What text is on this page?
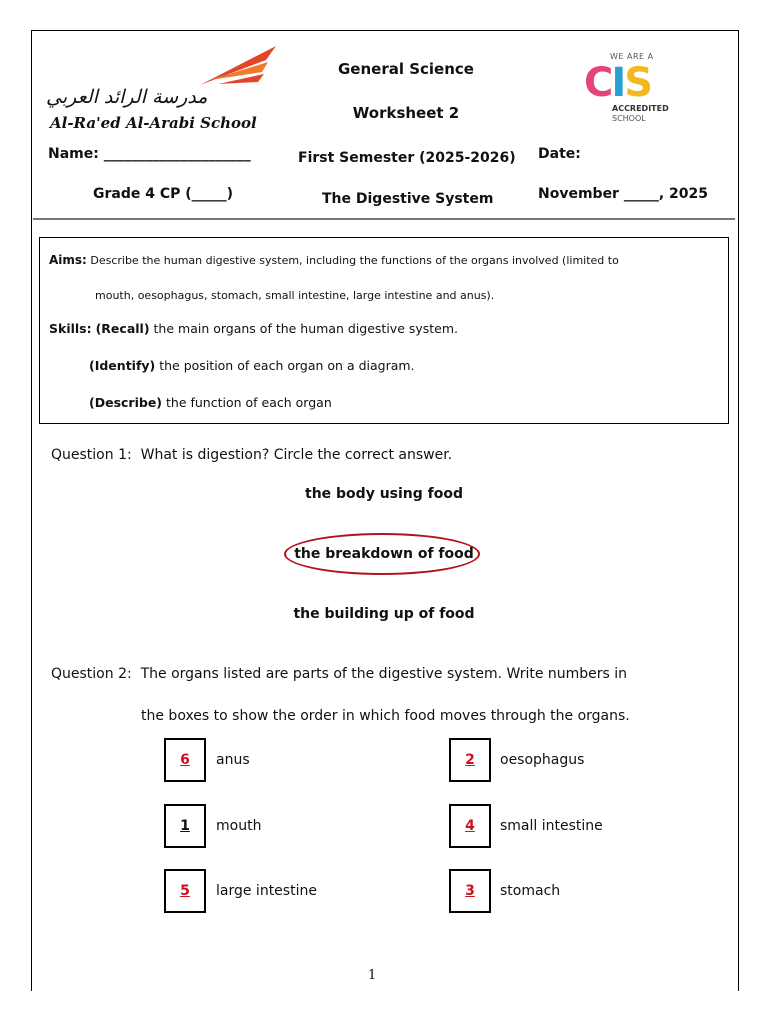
مدرسة الرائد العربي
Al-Ra'ed Al-Arabi School
General Science
Worksheet 2
WE ARE A
CIS
ACCREDITED
SCHOOL
Name: _____________________	First Semester (2025-2026) Date:
Grade 4 CP (_____)	The Digestive System	November _____, 2025
Aims: Describe the human digestive system, including the functions of the organs involved (limited to
mouth, oesophagus, stomach, small intestine, large intestine and anus).
Skills: (Recall) the main organs of the human digestive system.
(Identify) the position of each organ on a diagram.
(Describe) the function of each organ
Question 1: What is digestion? Circle the correct answer.
the body using food
the breakdown of food
the building up of food
Question 2: The organs listed are parts of the digestive system. Write numbers in
the boxes to show the order in which food moves through the organs.
6	anus
1	mouth
5	large intestine
2	oesophagus
4	small intestine
3	stomach
1
